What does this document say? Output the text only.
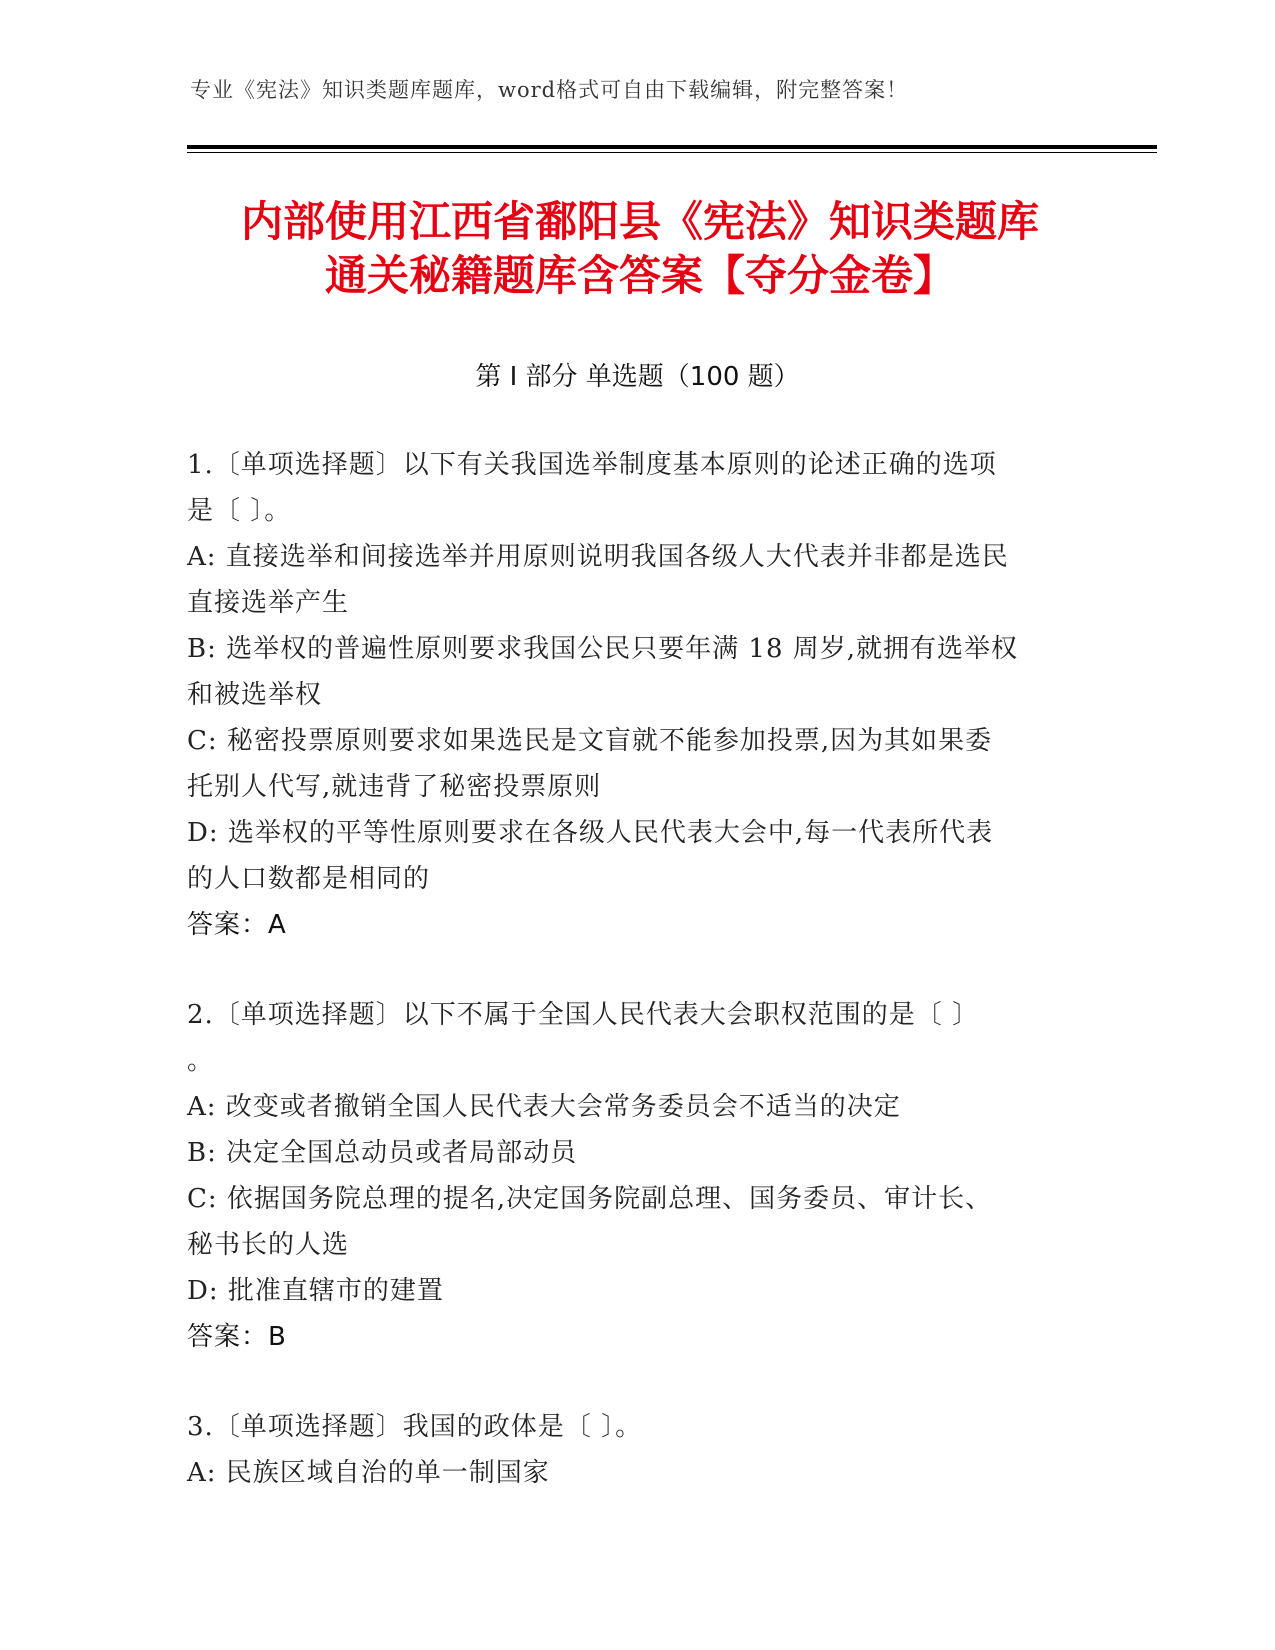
专业《宪法》知识类题库题库，word格式可自由下载编辑，附完整答案！
内部使用江西省鄱阳县《宪法》知识类题库
通关秘籍题库含答案【夺分金卷】
第 I 部分 单选题（100 题）
1.〔单项选择题〕以下有关我国选举制度基本原则的论述正确的选项
是〔 〕。
A: 直接选举和间接选举并用原则说明我国各级人大代表并非都是选民
直接选举产生
B: 选举权的普遍性原则要求我国公民只要年满 18 周岁,就拥有选举权
和被选举权
C: 秘密投票原则要求如果选民是文盲就不能参加投票,因为其如果委
托别人代写,就违背了秘密投票原则
D: 选举权的平等性原则要求在各级人民代表大会中,每一代表所代表
的人口数都是相同的
答案：A
2.〔单项选择题〕以下不属于全国人民代表大会职权范围的是〔 〕
。
A: 改变或者撤销全国人民代表大会常务委员会不适当的决定
B: 决定全国总动员或者局部动员
C: 依据国务院总理的提名,决定国务院副总理、国务委员、审计长、
秘书长的人选
D: 批准直辖市的建置
答案：B
3.〔单项选择题〕我国的政体是〔 〕。
A: 民族区域自治的单一制国家
